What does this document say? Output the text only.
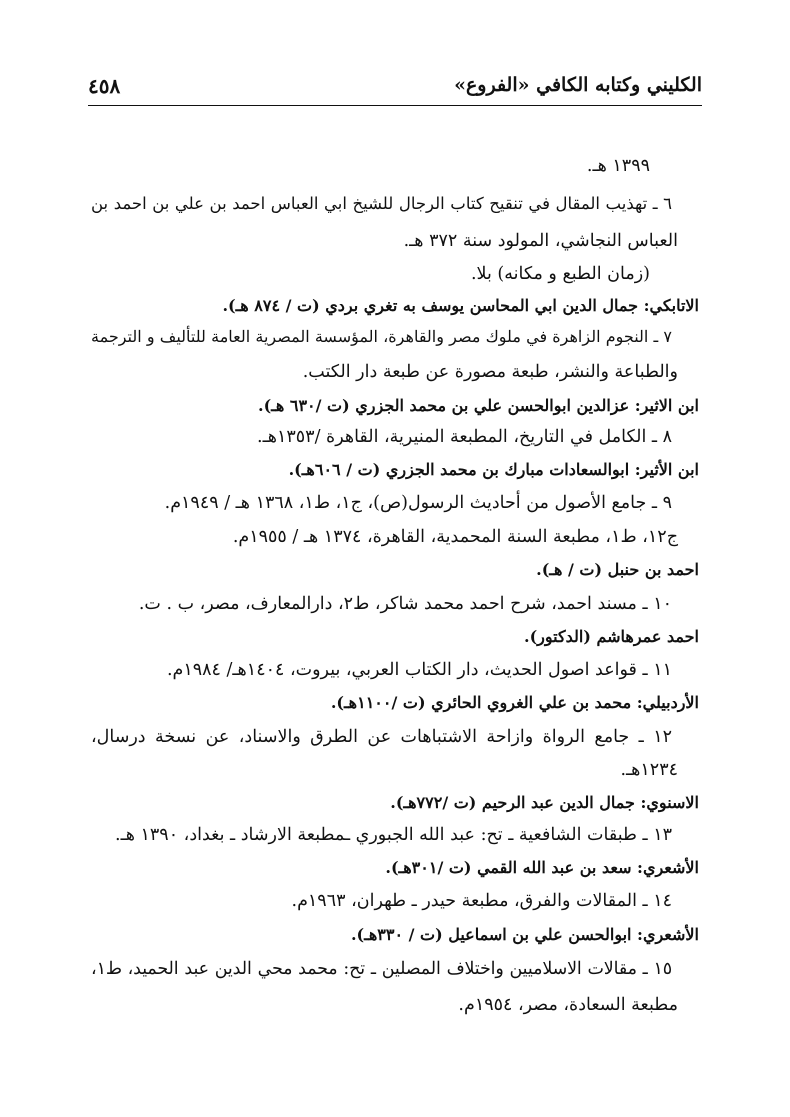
الكليني وكتابه الكافي «الفروع»
٤٥٨
١٣٩٩ هـ.
٦ ـ تهذيب المقال في تنقيح كتاب الرجال للشيخ ابي العباس احمد بن علي بن احمد بن
العباس النجاشي، المولود سنة ٣٧٢ هـ.
(زمان الطبع و مكانه) بلا.
الاتابكي: جمال الدين ابي المحاسن يوسف به تغري بردي (ت / ٨٧٤ هـ).
٧ ـ النجوم الزاهرة في ملوك مصر والقاهرة، المؤسسة المصرية العامة للتأليف و الترجمة
والطباعة والنشر، طبعة مصورة عن طبعة دار الكتب.
ابن الاثير: عزالدين ابوالحسن علي بن محمد الجزري (ت /٦٣٠ هـ).
٨ ـ الكامل في التاريخ، المطبعة المنيرية، القاهرة /١٣٥٣هـ.
ابن الأثير: ابوالسعادات مبارك بن محمد الجزري (ت / ٦٠٦هـ).
٩ ـ جامع الأصول من أحاديث الرسول(ص)، ج١، ط١، ١٣٦٨ هـ / ١٩٤٩م.
ج١٢، ط١، مطبعة السنة المحمدية، القاهرة، ١٣٧٤ هـ / ١٩٥٥م.
احمد بن حنبل (ت / هـ).
١٠ ـ مسند احمد، شرح احمد محمد شاكر، ط٢، دارالمعارف، مصر، ب . ت.
احمد عمرهاشم (الدكتور).
١١ ـ قواعد اصول الحديث، دار الكتاب العربي، بيروت، ١٤٠٤هـ/ ١٩٨٤م.
الأردبيلي: محمد بن علي الغروي الحائري (ت /١١٠٠هـ).
١٢ ـ جامع الرواة وازاحة الاشتباهات عن الطرق والاسناد، عن نسخة درسال،
١٢٣٤هـ.
الاسنوي: جمال الدين عبد الرحيم (ت /٧٧٢هـ).
١٣ ـ طبقات الشافعية ـ تح: عبد الله الجبوري ـمطبعة الارشاد ـ بغداد، ١٣٩٠ هـ.
الأشعري: سعد بن عبد الله القمي (ت /٣٠١هـ).
١٤ ـ المقالات والفرق، مطبعة حيدر ـ طهران، ١٩٦٣م.
الأشعري: ابوالحسن علي بن اسماعيل (ت / ٣٣٠هـ).
١٥ ـ مقالات الاسلاميين واختلاف المصلين ـ تح: محمد محي الدين عبد الحميد، ط١،
مطبعة السعادة، مصر، ١٩٥٤م.
